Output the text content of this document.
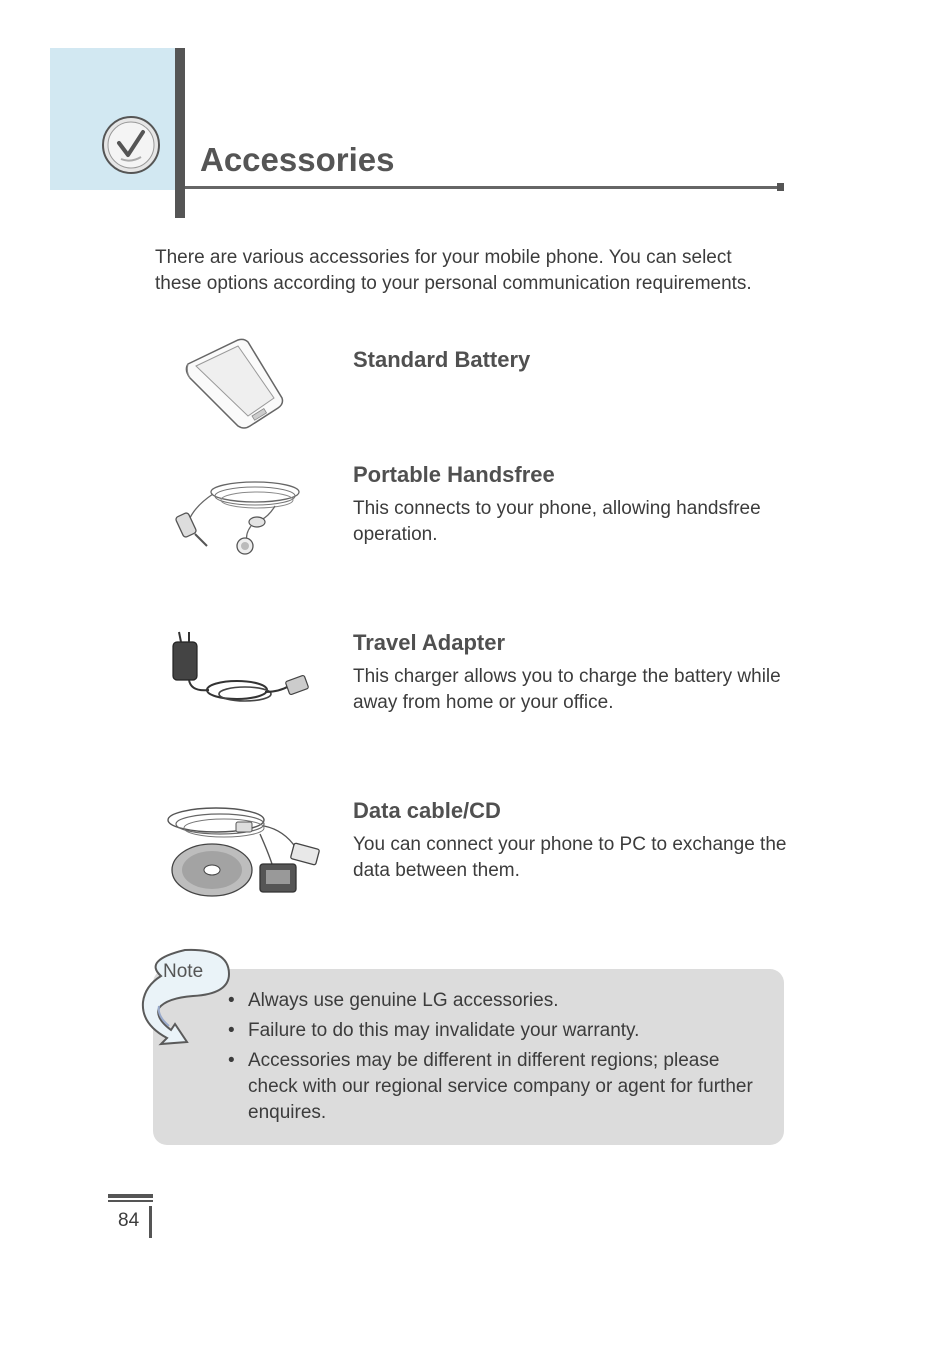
Accessories

There are various accessories for your mobile phone. You can select these options according to your personal communication requirements.

Standard Battery
Portable Handsfree

This connects to your phone, allowing handsfree operation.

Travel Adapter

This charger allows you to charge the battery while away from home or your office.

Data cable/CD

You can connect your phone to PC to exchange the data between them.

Note

• Always use genuine LG accessories.
• Failure to do this may invalidate your warranty.
• Accessories may be different in different regions; please check with our regional service company or agent for further enquires.

84
